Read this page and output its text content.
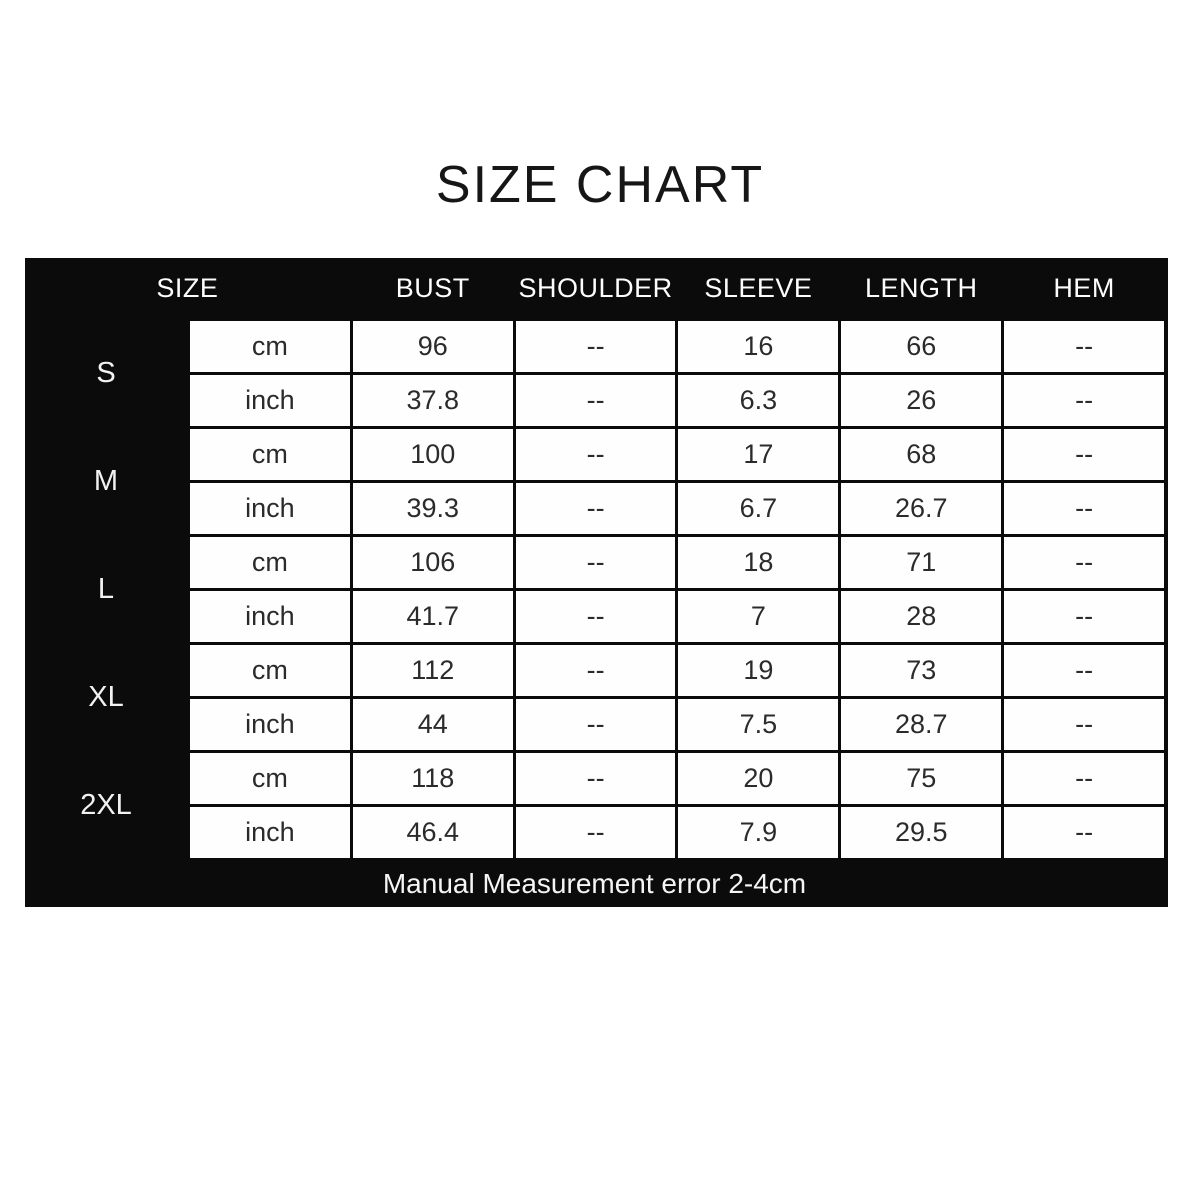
SIZE CHART
SIZE	BUST	SHOULDER	SLEEVE	LENGTH	HEM
S
cm	96	--	16	66	--
inch	37.8	--	6.3	26	--
M
cm	100	--	17	68	--
inch	39.3	--	6.7	26.7	--
L
cm	106	--	18	71	--
inch	41.7	--	7	28	--
XL
cm	112	--	19	73	--
inch	44	--	7.5	28.7	--
2XL
cm	118	--	20	75	--
inch	46.4	--	7.9	29.5	--
Manual Measurement error 2-4cm
